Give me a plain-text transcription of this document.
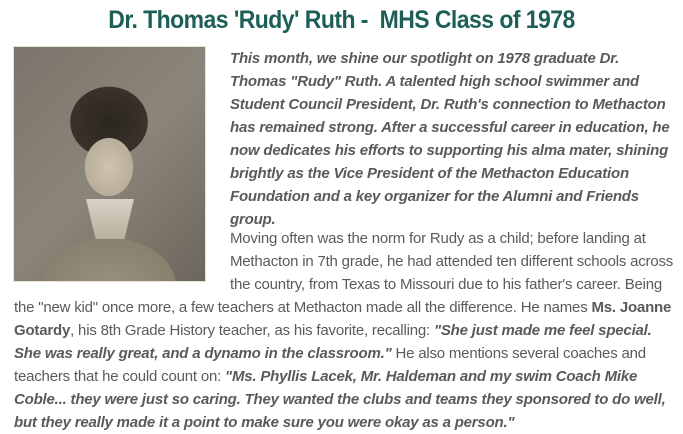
Dr. Thomas 'Rudy' Ruth -  MHS Class of 1978
This month, we shine our spotlight on 1978 graduate Dr. Thomas "Rudy" Ruth. A talented high school swimmer and Student Council President, Dr. Ruth's connection to Methacton has remained strong. After a successful career in education, he now dedicates his efforts to supporting his alma mater, shining brightly as the Vice President of the Methacton Education Foundation and a key organizer for the Alumni and Friends group.
Moving often was the norm for Rudy as a child; before landing at Methacton in 7th grade, he had attended ten different schools across the country, from Texas to Missouri due to his father's career. Being the "new kid" once more, a few teachers at Methacton made all the difference. He names Ms. Joanne Gotardy, his 8th Grade History teacher, as his favorite, recalling: "She just made me feel special. She was really great, and a dynamo in the classroom." He also mentions several coaches and teachers that he could count on: "Ms. Phyllis Lacek, Mr. Haldeman and my swim Coach Mike Coble... they were just so caring. They wanted the clubs and teams they sponsored to do well, but they really made it a point to make sure you were okay as a person."
